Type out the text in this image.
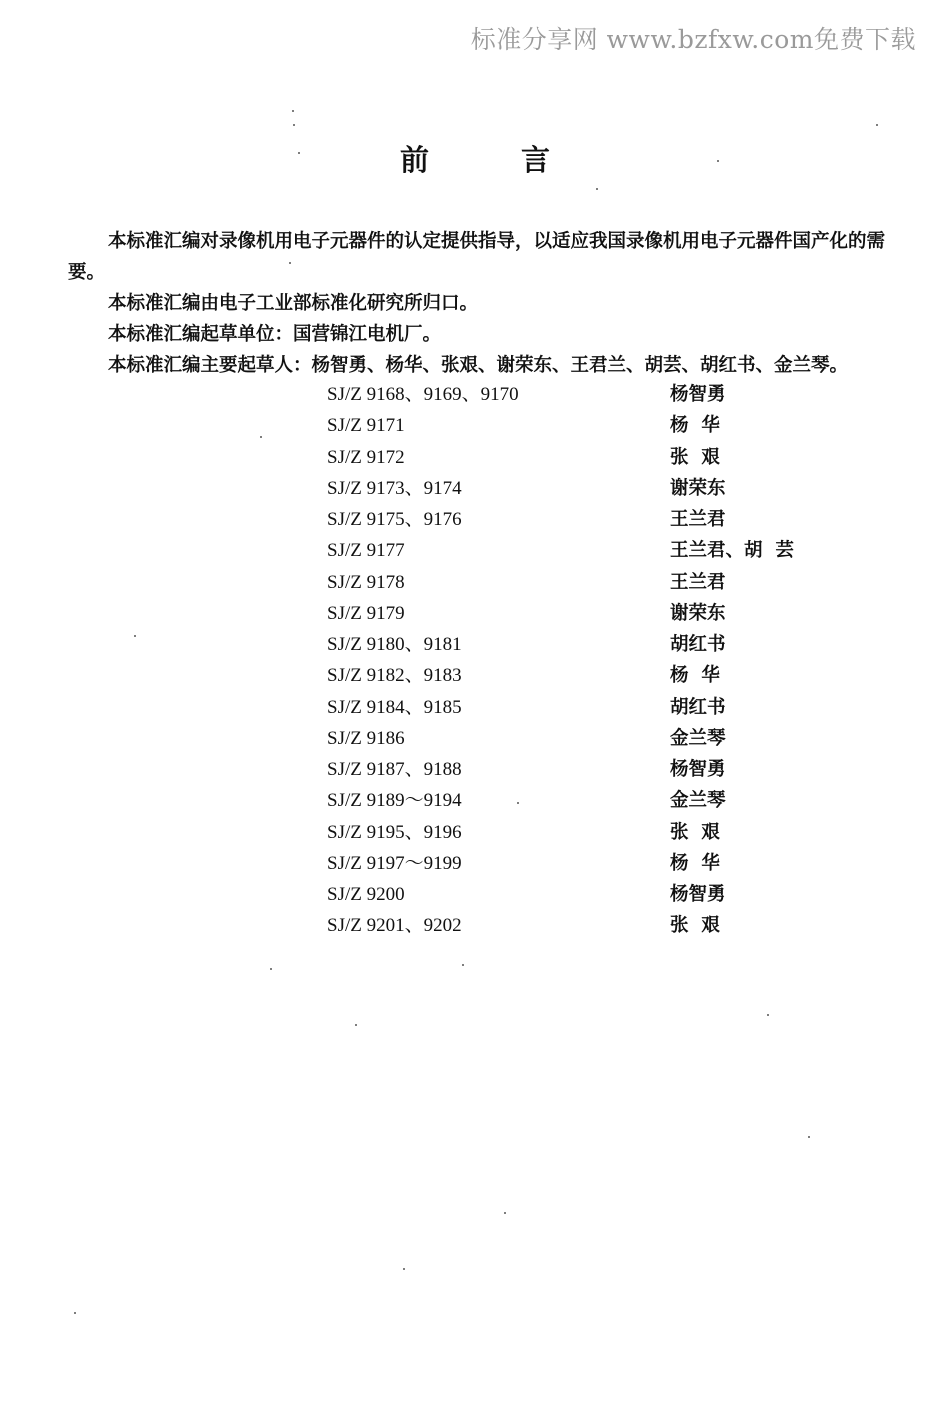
标准分享网 www.bzfxw.com免费下载
前	言
本标准汇编对录像机用电子元器件的认定提供指导，以适应我国录像机用电子元器件国产化的需要。
本标准汇编由电子工业部标准化研究所归口。
本标准汇编起草单位：国营锦江电机厂。
本标准汇编主要起草人：杨智勇、杨华、张艰、谢荣东、王君兰、胡芸、胡红书、金兰琴。
SJ/Z 9168、9169、9170	杨智勇
SJ/Z 9171	杨  华
SJ/Z 9172	张  艰
SJ/Z 9173、9174	谢荣东
SJ/Z 9175、9176	王兰君
SJ/Z 9177	王兰君、胡  芸
SJ/Z 9178	王兰君
SJ/Z 9179	谢荣东
SJ/Z 9180、9181	胡红书
SJ/Z 9182、9183	杨  华
SJ/Z 9184、9185	胡红书
SJ/Z 9186	金兰琴
SJ/Z 9187、9188	杨智勇
SJ/Z 9189～9194	金兰琴
SJ/Z 9195、9196	张  艰
SJ/Z 9197～9199	杨  华
SJ/Z 9200	杨智勇
SJ/Z 9201、9202	张  艰
